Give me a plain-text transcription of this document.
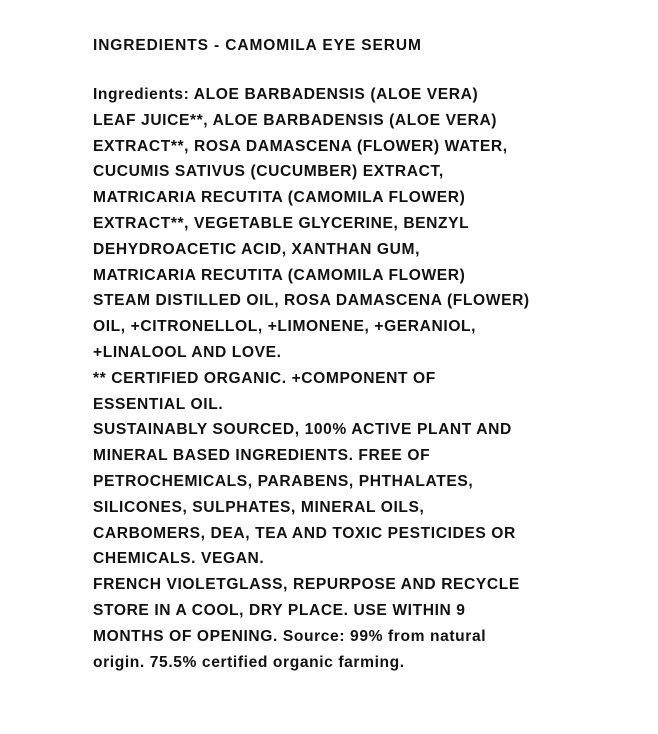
INGREDIENTS - CAMOMILA EYE SERUM
Ingredients: ALOE BARBADENSIS (ALOE VERA)
LEAF JUICE**, ALOE BARBADENSIS (ALOE VERA)
EXTRACT**, ROSA DAMASCENA (FLOWER) WATER,
CUCUMIS SATIVUS (CUCUMBER) EXTRACT,
MATRICARIA RECUTITA (CAMOMILA FLOWER)
EXTRACT**, VEGETABLE GLYCERINE, BENZYL
DEHYDROACETIC ACID, XANTHAN GUM,
MATRICARIA RECUTITA (CAMOMILA FLOWER)
STEAM DISTILLED OIL, ROSA DAMASCENA (FLOWER)
OIL, +CITRONELLOL, +LIMONENE, +GERANIOL,
+LINALOOL AND LOVE.
** CERTIFIED ORGANIC. +COMPONENT OF
ESSENTIAL OIL.
SUSTAINABLY SOURCED, 100% ACTIVE PLANT AND
MINERAL BASED INGREDIENTS. FREE OF
PETROCHEMICALS, PARABENS, PHTHALATES,
SILICONES, SULPHATES, MINERAL OILS,
CARBOMERS, DEA, TEA AND TOXIC PESTICIDES OR
CHEMICALS. VEGAN.
FRENCH VIOLETGLASS, REPURPOSE AND RECYCLE
STORE IN A COOL, DRY PLACE. USE WITHIN 9
MONTHS OF OPENING. Source: 99% from natural
origin. 75.5% certified organic farming.
